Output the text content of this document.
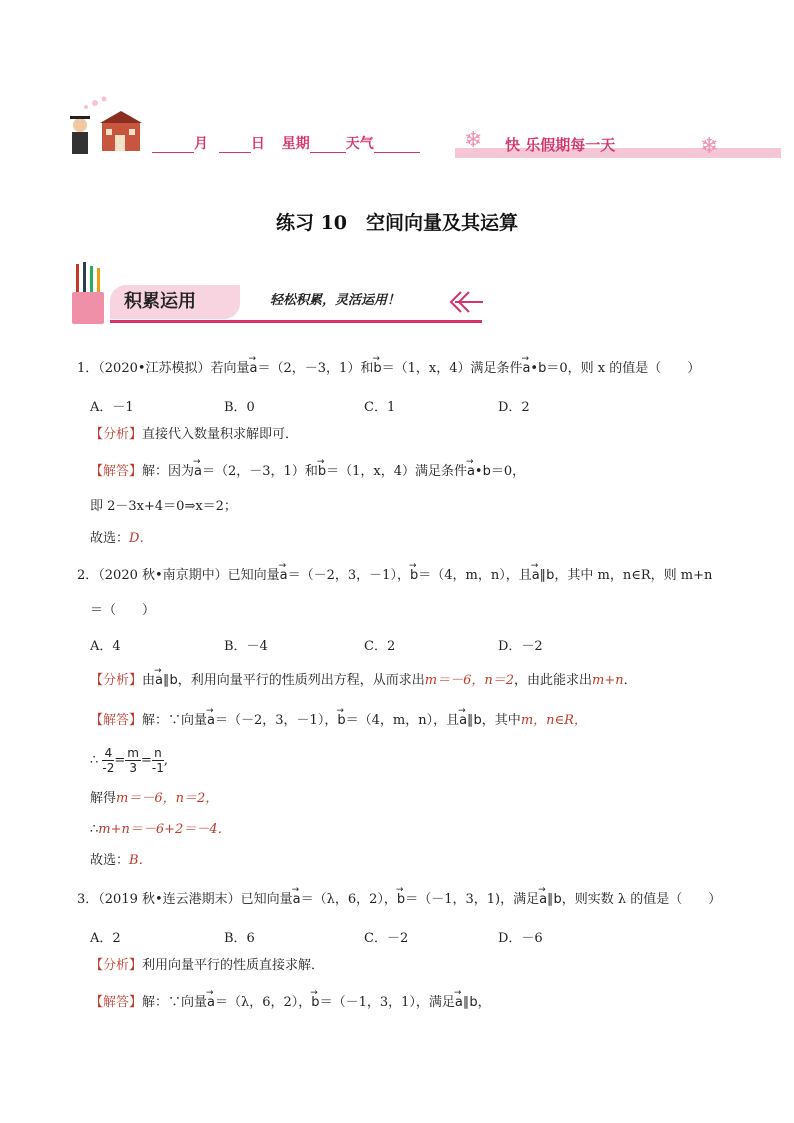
月	日 星期	天气	❄ 快 乐假期每一天	❄
练习 10　空间向量及其运算
积累运用	轻松积累，灵活运用！
1．（2020•江苏模拟）若向量→ a＝（2，－3，1）和→ b＝（1，x，4）满足条件→ a•b＝0，则 x 的值是（　　）
A．－1	B．0	C．1	D．2
【分析】直接代入数量积求解即可．
【解答】解：因为→ a＝（2，－3，1）和→ b＝（1，x，4）满足条件→ a•b＝0，
即 2－3x+4＝0⇒x＝2；
故选：D．
2．（2020 秋•南京期中）已知向量→ a＝（－2，3，－1），→ b＝（4，m，n），且→ a∥b，其中 m，n∈R，则 m+n
＝（　　）
A．4	B．－4	C．2	D．－2
【分析】由→ a∥b，利用向量平行的性质列出方程，从而求出m＝－6，n＝2，由此能求出m+n．
【解答】解：∵向量→ a＝（－2，3，－1），→ b＝（4，m，n），且→ a∥b，其中m，n∈R，
∴ $\frac{4}{-2} = \frac{m}{3} = \frac{n}{-1}$ ,
解得m＝－6，n＝2，
∴m+n＝－6+2＝－4．
故选：B．
3．（2019 秋•连云港期末）已知向量→ a＝（λ，6，2），→ b＝（－1，3，1)，满足→ a∥b，则实数 λ 的值是（　　）
A．2	B．6	C．－2	D．－6
【分析】利用向量平行的性质直接求解．
【解答】解：∵向量→ a＝（λ，6，2），→ b＝（－1，3，1），满足→ a∥b，
